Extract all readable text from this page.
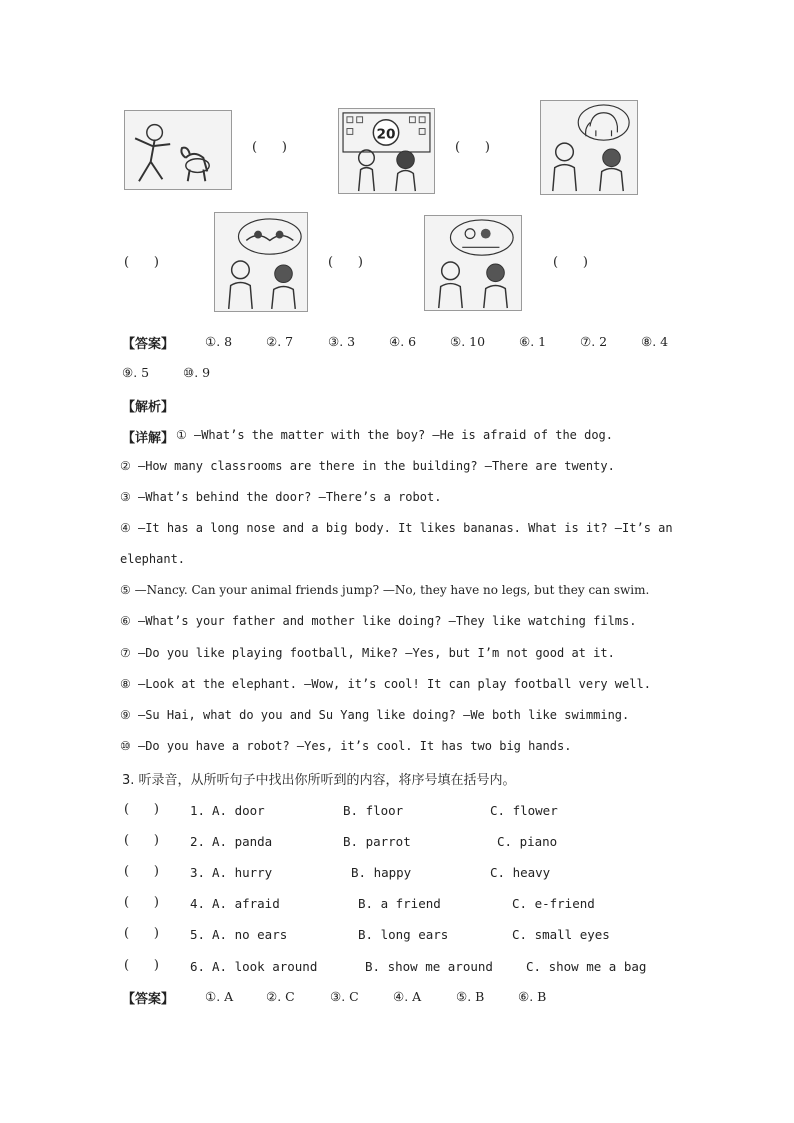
(      )
20
(      )
(      )	(      )	(      )
【答案】 ①. 8	②. 7	③. 3	④. 6	⑤. 10	⑥. 1	⑦. 2	⑧. 4
⑨. 5	⑩. 9
【解析】
【详解】 ① —What’s the matter with the boy? —He is afraid of the dog.
② —How many classrooms are there in the building? —There are twenty.
③ —What’s behind the door? —There’s a robot.
④ —It has a long nose and a big body. It likes bananas. What is it? —It’s an
elephant.
⑤ —Nancy. Can your animal friends jump? —No, they have no legs, but they can swim.
⑥ —What’s your father and mother like doing? —They like watching films.
⑦ —Do you like playing football, Mike? —Yes, but I’m not good at it.
⑧ —Look at the elephant. —Wow, it’s cool! It can play football very well.
⑨ —Su Hai, what do you and Su Yang like doing? —We both like swimming.
⑩ —Do you have a robot? —Yes, it’s cool. It has two big hands.
3. 听录音，从所听句子中找出你所听到的内容，将序号填在括号内。
(      ) 1. A. door	B. floor	C. flower
(      ) 2. A. panda	B. parrot	C. piano
(      ) 3. A. hurry	B. happy	C. heavy
(      ) 4. A. afraid	B. a friend	C. e-friend
(      ) 5. A. no ears	B. long ears	C. small eyes
(      ) 6. A. look around	B. show me around	C. show me a bag
【答案】 ①. A	②. C	③. C	④. A	⑤. B	⑥. B
